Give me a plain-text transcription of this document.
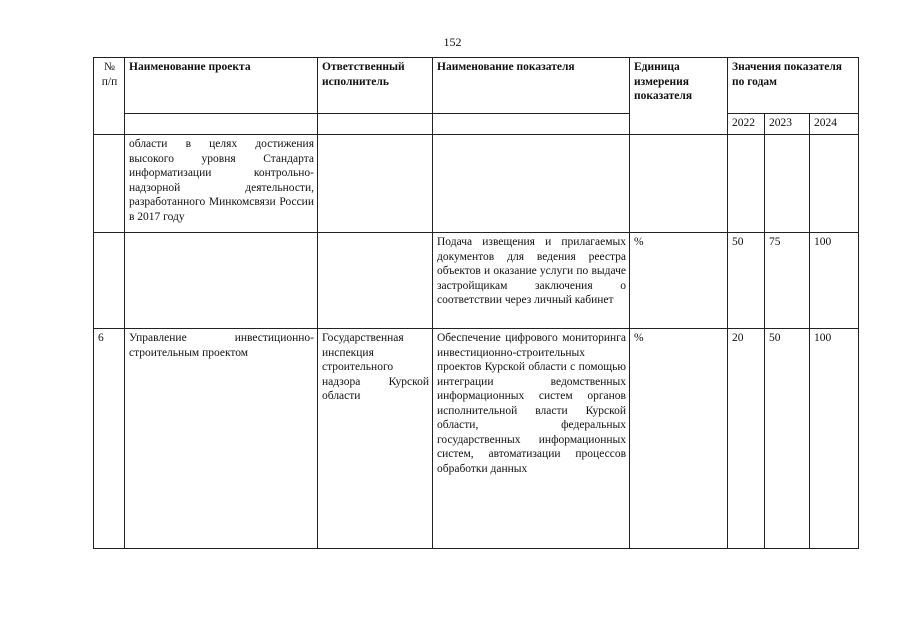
152
№ п/п	Наименование проекта	Ответственный исполнитель	Наименование показателя	Единица измерения показателя	Значения показателя по годам		
					2022	2023	2024
	области в целях достижения высокого уровня Стандарта информатизации контрольно-надзорной деятельности, разработанного Минкомсвязи России в 2017 году						
			Подача извещения и прилагаемых документов для ведения реестра объектов и оказание услуги по выдаче застройщикам заключения о соответствии через личный кабинет	%	50	75	100
6	Управление инвестиционно-строительным проектом	Государственная инспекция строительного надзора Курской области	Обеспечение цифрового мониторинга инвестиционно-строительных проектов Курской области с помощью интеграции ведомственных информационных систем органов исполнительной власти Курской области, федеральных государственных информационных систем, автоматизации процессов обработки данных	%	20	50	100
